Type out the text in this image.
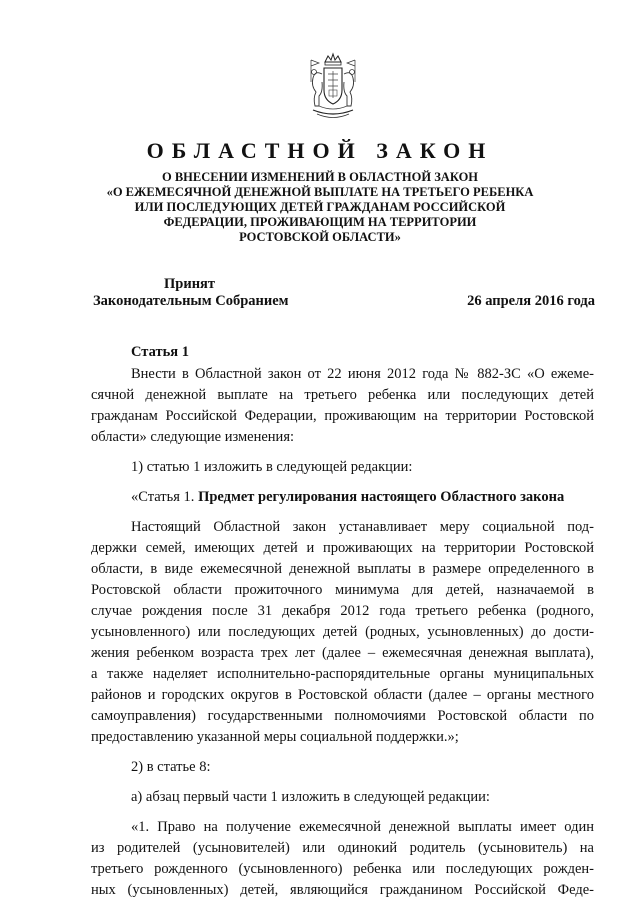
ОБЛАСТНОЙ ЗАКОН
О ВНЕСЕНИИ ИЗМЕНЕНИЙ В ОБЛАСТНОЙ ЗАКОН
«О ЕЖЕМЕСЯЧНОЙ ДЕНЕЖНОЙ ВЫПЛАТЕ НА ТРЕТЬЕГО РЕБЕНКА
ИЛИ ПОСЛЕДУЮЩИХ ДЕТЕЙ ГРАЖДАНАМ РОССИЙСКОЙ
ФЕДЕРАЦИИ, ПРОЖИВАЮЩИМ НА ТЕРРИТОРИИ
РОСТОВСКОЙ ОБЛАСТИ»
Принят
Законодательным Собранием	26 апреля 2016 года
Статья 1
Внести в Областной закон от 22 июня 2012 года № 882-ЗС «О ежеме-
сячной денежной выплате на третьего ребенка или последующих детей
гражданам Российской Федерации, проживающим на территории Ростовской
области» следующие изменения:
1) статью 1 изложить в следующей редакции:
«Статья 1. Предмет регулирования настоящего Областного закона
Настоящий Областной закон устанавливает меру социальной под-
держки семей, имеющих детей и проживающих на территории Ростовской
области, в виде ежемесячной денежной выплаты в размере определенного в
Ростовской области прожиточного минимума для детей, назначаемой в
случае рождения после 31 декабря 2012 года третьего ребенка (родного,
усыновленного) или последующих детей (родных, усыновленных) до дости-
жения ребенком возраста трех лет (далее – ежемесячная денежная выплата),
а также наделяет исполнительно-распорядительные органы муниципальных
районов и городских округов в Ростовской области (далее – органы местного
самоуправления) государственными полномочиями Ростовской области по
предоставлению указанной меры социальной поддержки.»;
2) в статье 8:
а) абзац первый части 1 изложить в следующей редакции:
«1. Право на получение ежемесячной денежной выплаты имеет один
из родителей (усыновителей) или одинокий родитель (усыновитель) на
третьего рожденного (усыновленного) ребенка или последующих рожден-
ных (усыновленных) детей, являющийся гражданином Российской Феде-
